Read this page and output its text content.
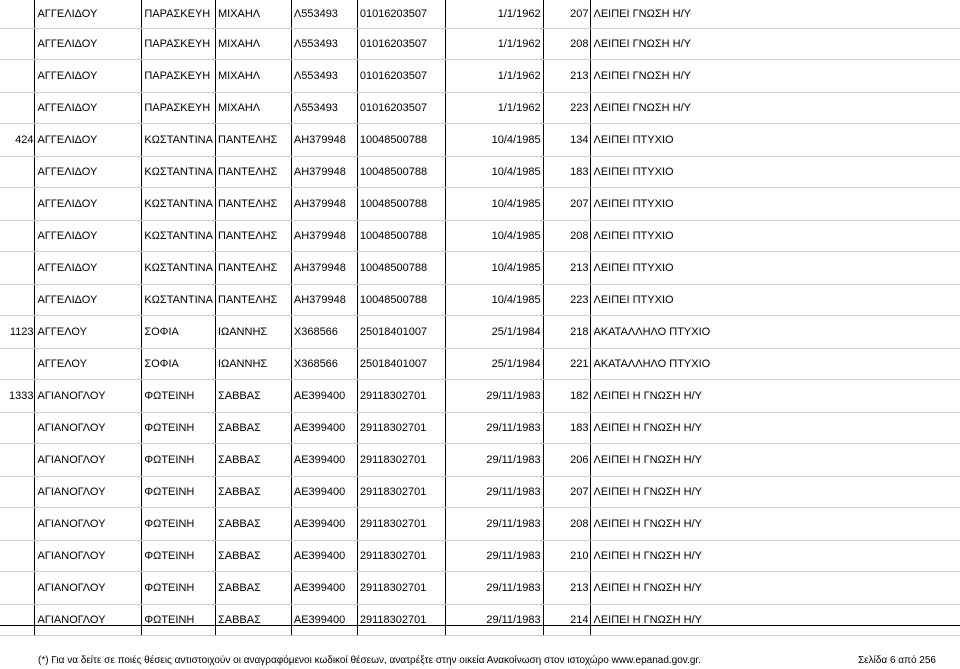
	ΑΓΓΕΛΙΔΟΥ	ΠΑΡΑΣΚΕΥΗ	ΜΙΧΑΗΛ	Λ553493	01016203507	1/1/1962	207	ΛΕΙΠΕΙ ΓΝΩΣΗ Η/Υ
	ΑΓΓΕΛΙΔΟΥ	ΠΑΡΑΣΚΕΥΗ	ΜΙΧΑΗΛ	Λ553493	01016203507	1/1/1962	208	ΛΕΙΠΕΙ ΓΝΩΣΗ Η/Υ
	ΑΓΓΕΛΙΔΟΥ	ΠΑΡΑΣΚΕΥΗ	ΜΙΧΑΗΛ	Λ553493	01016203507	1/1/1962	213	ΛΕΙΠΕΙ ΓΝΩΣΗ Η/Υ
	ΑΓΓΕΛΙΔΟΥ	ΠΑΡΑΣΚΕΥΗ	ΜΙΧΑΗΛ	Λ553493	01016203507	1/1/1962	223	ΛΕΙΠΕΙ ΓΝΩΣΗ Η/Υ
424	ΑΓΓΕΛΙΔΟΥ	ΚΩΣΤΑΝΤΙΝΑ	ΠΑΝΤΕΛΗΣ	ΑΗ379948	10048500788	10/4/1985	134	ΛΕΙΠΕΙ ΠΤΥΧΙΟ
	ΑΓΓΕΛΙΔΟΥ	ΚΩΣΤΑΝΤΙΝΑ	ΠΑΝΤΕΛΗΣ	ΑΗ379948	10048500788	10/4/1985	183	ΛΕΙΠΕΙ ΠΤΥΧΙΟ
	ΑΓΓΕΛΙΔΟΥ	ΚΩΣΤΑΝΤΙΝΑ	ΠΑΝΤΕΛΗΣ	ΑΗ379948	10048500788	10/4/1985	207	ΛΕΙΠΕΙ ΠΤΥΧΙΟ
	ΑΓΓΕΛΙΔΟΥ	ΚΩΣΤΑΝΤΙΝΑ	ΠΑΝΤΕΛΗΣ	ΑΗ379948	10048500788	10/4/1985	208	ΛΕΙΠΕΙ ΠΤΥΧΙΟ
	ΑΓΓΕΛΙΔΟΥ	ΚΩΣΤΑΝΤΙΝΑ	ΠΑΝΤΕΛΗΣ	ΑΗ379948	10048500788	10/4/1985	213	ΛΕΙΠΕΙ ΠΤΥΧΙΟ
	ΑΓΓΕΛΙΔΟΥ	ΚΩΣΤΑΝΤΙΝΑ	ΠΑΝΤΕΛΗΣ	ΑΗ379948	10048500788	10/4/1985	223	ΛΕΙΠΕΙ ΠΤΥΧΙΟ
1123	ΑΓΓΕΛΟΥ	ΣΟΦΙΑ	ΙΩΑΝΝΗΣ	Χ368566	25018401007	25/1/1984	218	ΑΚΑΤΑΛΛΗΛΟ ΠΤΥΧΙΟ
	ΑΓΓΕΛΟΥ	ΣΟΦΙΑ	ΙΩΑΝΝΗΣ	Χ368566	25018401007	25/1/1984	221	ΑΚΑΤΑΛΛΗΛΟ ΠΤΥΧΙΟ
1333	ΑΓΙΑΝΟΓΛΟΥ	ΦΩΤΕΙΝΗ	ΣΑΒΒΑΣ	ΑΕ399400	29118302701	29/11/1983	182	ΛΕΙΠΕΙ Η ΓΝΩΣΗ Η/Υ
	ΑΓΙΑΝΟΓΛΟΥ	ΦΩΤΕΙΝΗ	ΣΑΒΒΑΣ	ΑΕ399400	29118302701	29/11/1983	183	ΛΕΙΠΕΙ Η ΓΝΩΣΗ Η/Υ
	ΑΓΙΑΝΟΓΛΟΥ	ΦΩΤΕΙΝΗ	ΣΑΒΒΑΣ	ΑΕ399400	29118302701	29/11/1983	206	ΛΕΙΠΕΙ Η ΓΝΩΣΗ Η/Υ
	ΑΓΙΑΝΟΓΛΟΥ	ΦΩΤΕΙΝΗ	ΣΑΒΒΑΣ	ΑΕ399400	29118302701	29/11/1983	207	ΛΕΙΠΕΙ Η ΓΝΩΣΗ Η/Υ
	ΑΓΙΑΝΟΓΛΟΥ	ΦΩΤΕΙΝΗ	ΣΑΒΒΑΣ	ΑΕ399400	29118302701	29/11/1983	208	ΛΕΙΠΕΙ Η ΓΝΩΣΗ Η/Υ
	ΑΓΙΑΝΟΓΛΟΥ	ΦΩΤΕΙΝΗ	ΣΑΒΒΑΣ	ΑΕ399400	29118302701	29/11/1983	210	ΛΕΙΠΕΙ Η ΓΝΩΣΗ Η/Υ
	ΑΓΙΑΝΟΓΛΟΥ	ΦΩΤΕΙΝΗ	ΣΑΒΒΑΣ	ΑΕ399400	29118302701	29/11/1983	213	ΛΕΙΠΕΙ Η ΓΝΩΣΗ Η/Υ
	ΑΓΙΑΝΟΓΛΟΥ	ΦΩΤΕΙΝΗ	ΣΑΒΒΑΣ	ΑΕ399400	29118302701	29/11/1983	214	ΛΕΙΠΕΙ Η ΓΝΩΣΗ Η/Υ
(*) Για να δείτε σε ποιές θέσεις αντιστοιχούν οι αναγραφόμενοι κωδικοί θέσεων, ανατρέξτε στην οικεία Ανακοίνωση στον ιστοχώρο www.epanad.gov.gr.	Σελίδα 6 από 256
